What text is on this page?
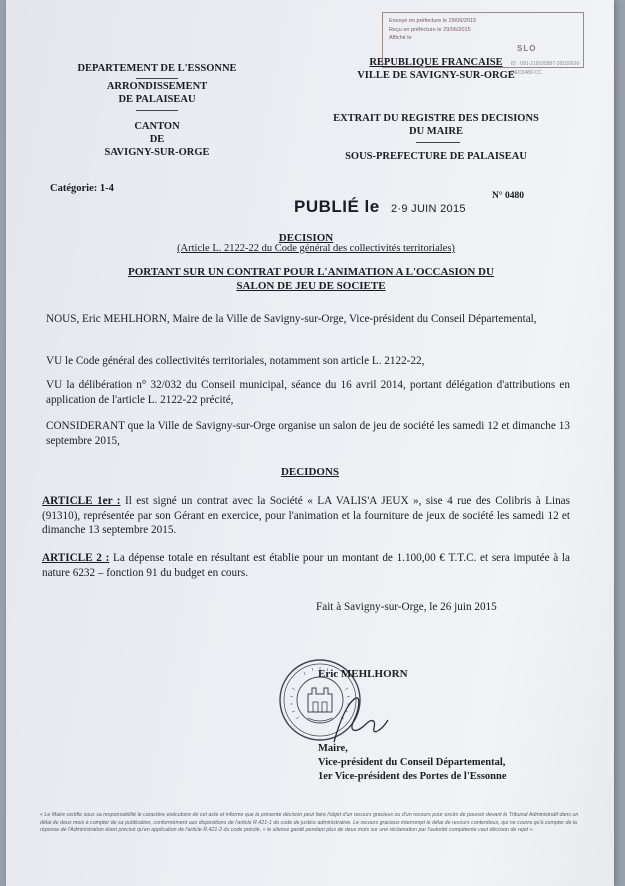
Envoyé en préfecture le 29/06/2015
Reçu en préfecture le 29/06/2015
Affiché le
SLO
ID : 091-219105897-20150626-DEC0480-CC
DEPARTEMENT DE L'ESSONNE
ARRONDISSEMENT
DE PALAISEAU
CANTON
DE
SAVIGNY-SUR-ORGE
REPUBLIQUE FRANCAISE
VILLE DE SAVIGNY-SUR-ORGE
EXTRAIT DU REGISTRE DES DECISIONS
DU MAIRE
SOUS-PREFECTURE DE PALAISEAU
Catégorie: 1-4
PUBLIÉ le 2·9 JUIN 2015
N° 0480
DECISION
(Article L. 2122-22 du Code général des collectivités territoriales)
PORTANT SUR UN CONTRAT POUR L'ANIMATION A L'OCCASION DU
SALON DE JEU DE SOCIETE
NOUS, Eric MEHLHORN, Maire de la Ville de Savigny-sur-Orge, Vice-président du Conseil Départemental,
VU le Code général des collectivités territoriales, notamment son article L. 2122-22,
VU la délibération n° 32/032 du Conseil municipal, séance du 16 avril 2014, portant délégation d'attributions en application de l'article L. 2122-22 précité,
CONSIDERANT que la Ville de Savigny-sur-Orge organise un salon de jeu de société les samedi 12 et dimanche 13 septembre 2015,
DECIDONS
ARTICLE 1er : Il est signé un contrat avec la Société « LA VALIS'A JEUX », sise 4 rue des Colibris à Linas (91310), représentée par son Gérant en exercice, pour l'animation et la fourniture de jeux de société les samedi 12 et dimanche 13 septembre 2015.
ARTICLE 2 : La dépense totale en résultant est établie pour un montant de 1.100,00 € T.T.C. et sera imputée à la nature 6232 – fonction 91 du budget en cours.
Fait à Savigny-sur-Orge, le 26 juin 2015
Eric MEHLHORN
Maire,
Vice-président du Conseil Départemental,
1er Vice-président des Portes de l'Essonne
« Le Maire certifie sous sa responsabilité le caractère exécutoire de cet acte et informe que la présente décision peut faire l'objet d'un recours gracieux ou d'un recours pour excès de pouvoir devant le Tribunal Administratif dans un délai de deux mois à compter de sa publication, conformément aux dispositions de l'article R.421-1 du code de justice administrative. Le recours gracieux interrompt le délai de recours contentieux, qui ne courra qu'à compter de la réponse de l'Administration étant précisé qu'en application de l'article R.421-2 du code précité, « le silence gardé pendant plus de deux mois sur une réclamation par l'autorité compétente vaut décision de rejet ».
